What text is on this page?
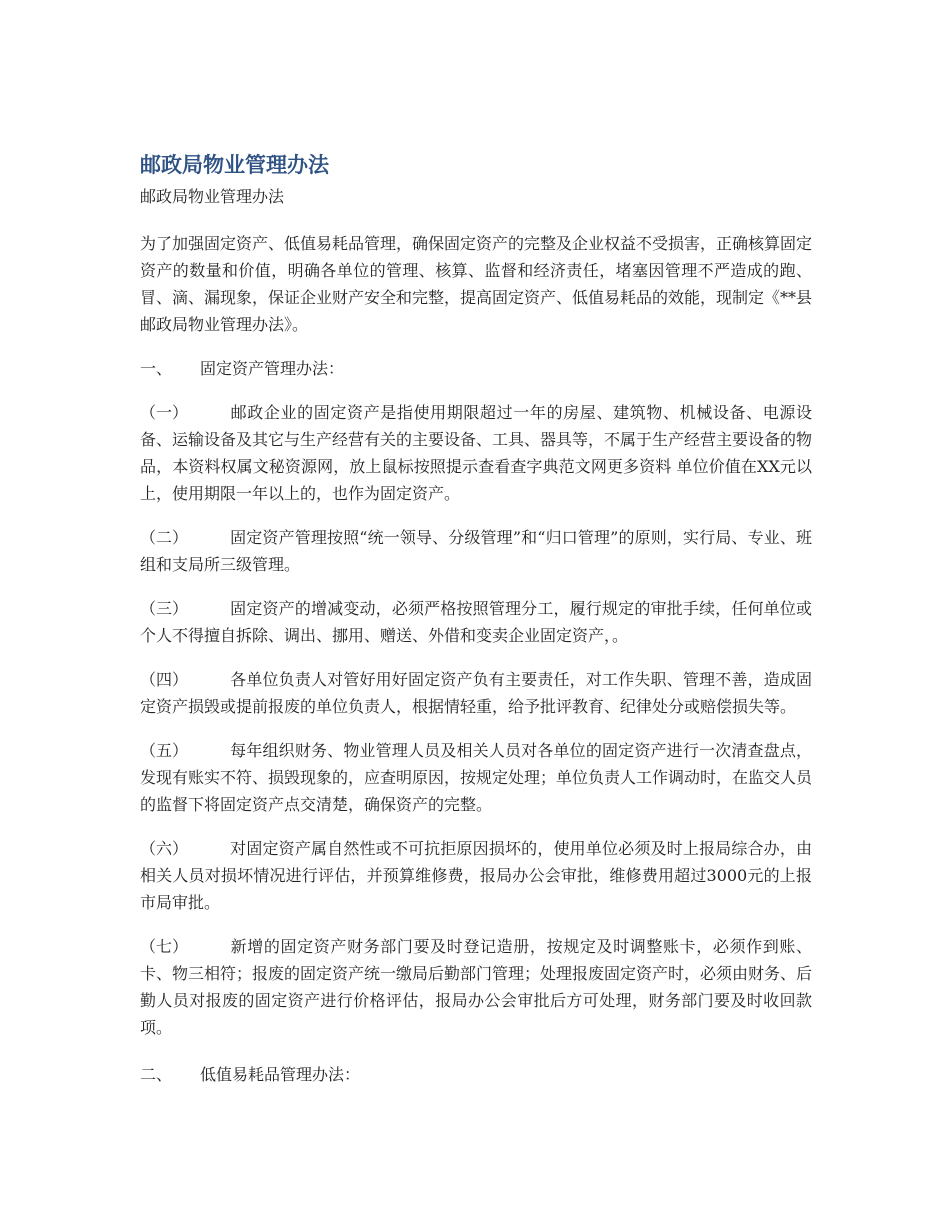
邮政局物业管理办法
邮政局物业管理办法

为了加强固定资产、低值易耗品管理，确保固定资产的完整及企业权益不受损害，正确核算固定资产的数量和价值，明确各单位的管理、核算、监督和经济责任，堵塞因管理不严造成的跑、冒、滴、漏现象，保证企业财产安全和完整，提高固定资产、低值易耗品的效能，现制定《**县邮政局物业管理办法》。

一、 固定资产管理办法：
（一）	邮政企业的固定资产是指使用期限超过一年的房屋、建筑物、机械设备、电源设备、运输设备及其它与生产经营有关的主要设备、工具、器具等，不属于生产经营主要设备的物品，本资料权属文秘资源网，放上鼠标按照提示查看查字典范文网更多资料 单位价值在XX元以上，使用期限一年以上的，也作为固定资产。
（二）	固定资产管理按照“统一领导、分级管理”和“归口管理”的原则，实行局、专业、班组和支局所三级管理。
（三）	固定资产的增减变动，必须严格按照管理分工，履行规定的审批手续，任何单位或个人不得擅自拆除、调出、挪用、赠送、外借和变卖企业固定资产，。
（四）	各单位负责人对管好用好固定资产负有主要责任，对工作失职、管理不善，造成固定资产损毁或提前报废的单位负责人，根据情轻重，给予批评教育、纪律处分或赔偿损失等。
（五）	每年组织财务、物业管理人员及相关人员对各单位的固定资产进行一次清查盘点，发现有账实不符、损毁现象的，应查明原因，按规定处理；单位负责人工作调动时，在监交人员的监督下将固定资产点交清楚，确保资产的完整。
（六）	对固定资产属自然性或不可抗拒原因损坏的，使用单位必须及时上报局综合办，由相关人员对损坏情况进行评估，并预算维修费，报局办公会审批，维修费用超过3000元的上报市局审批。
（七）	新增的固定资产财务部门要及时登记造册，按规定及时调整账卡，必须作到账、卡、物三相符；报废的固定资产统一缴局后勤部门管理；处理报废固定资产时，必须由财务、后勤人员对报废的固定资产进行价格评估，报局办公会审批后方可处理，财务部门要及时收回款项。
二、 低值易耗品管理办法：
